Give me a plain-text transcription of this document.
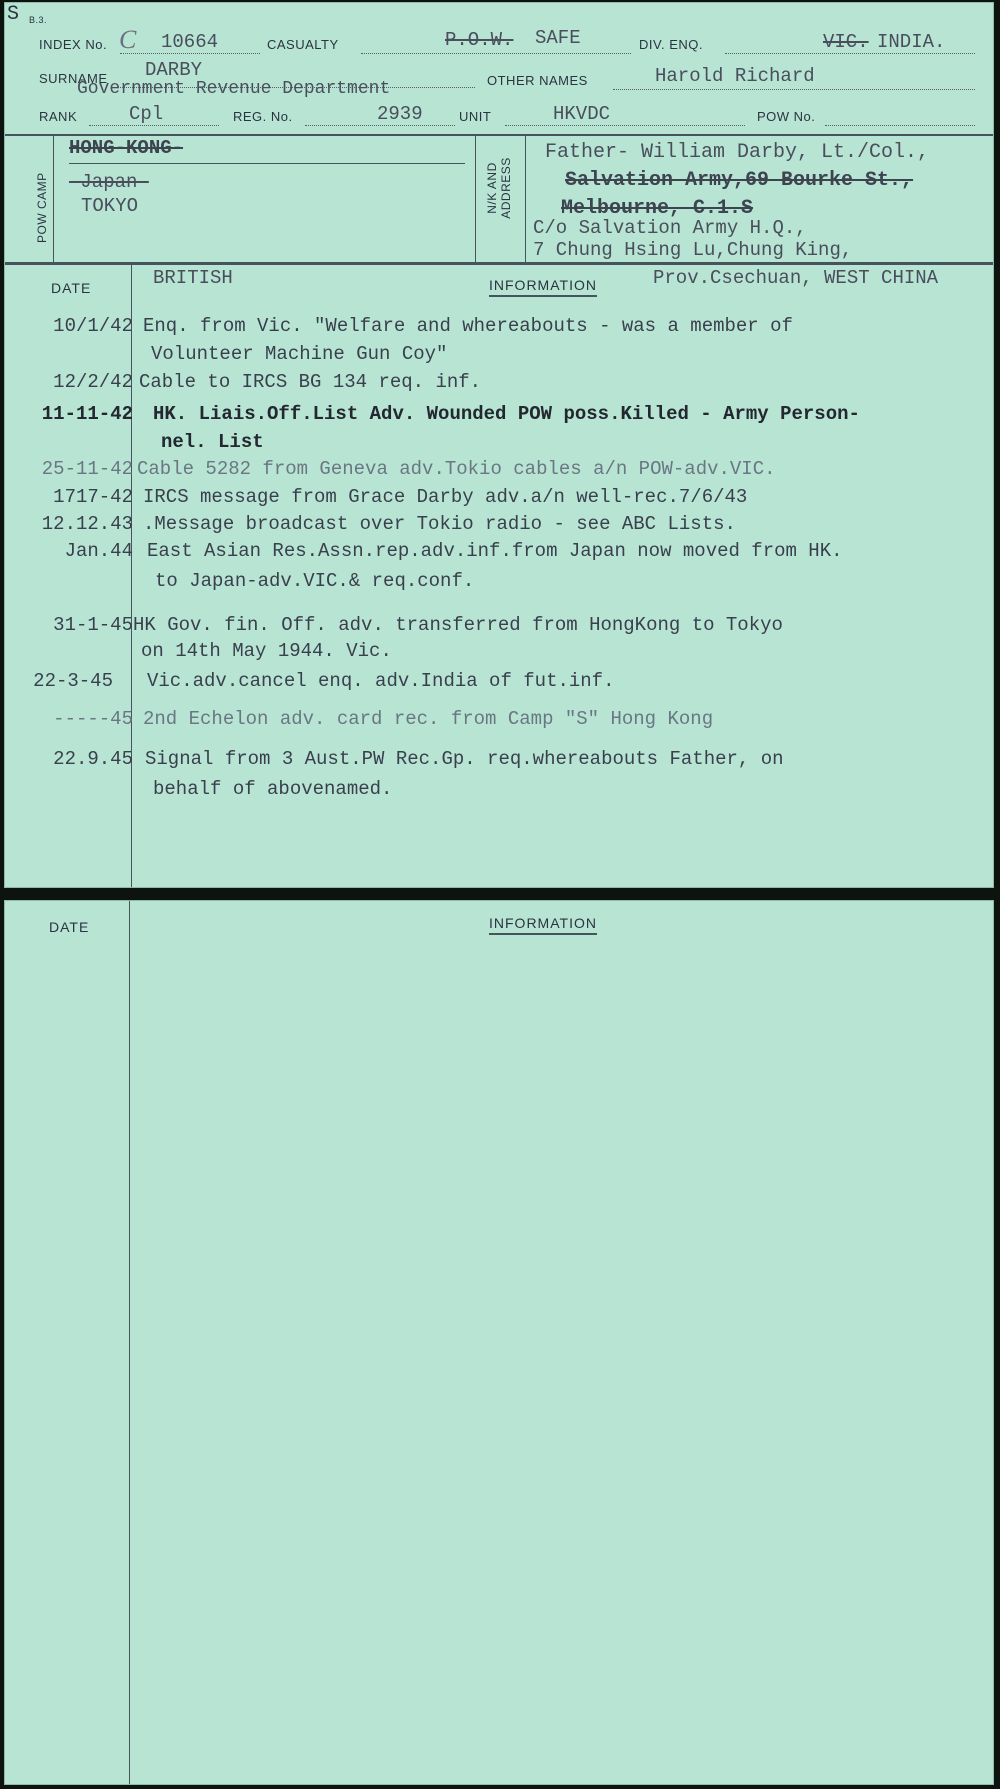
S B.3.
INDEX No. C 10664	CASUALTY	P.O.W. SAFE	DIV. ENQ.	VIC. INDIA.
SURNAME DARBY
Government Revenue Department	OTHER NAMES	Harold Richard
RANK	Cpl	REG. No.	2939	UNIT	HKVDC	POW No.
POW CAMP	N/K AND ADDRESS
HONG-KONG-
-Japan-
TOKYO
Father- William Darby, Lt./Col.,
Salvation Army,69 Bourke St.,
Melbourne, C.1.S
C/o Salvation Army H.Q.,
7 Chung Hsing Lu,Chung King,
Prov.Csechuan, WEST CHINA
DATE	BRITISH	INFORMATION
10/1/42 Enq. from Vic. "Welfare and whereabouts - was a member of
Volunteer Machine Gun Coy"
12/2/42 Cable to IRCS BG 134 req. inf.
11-11-42 HK. Liais.Off.List Adv. Wounded POW poss.Killed - Army Person-
nel. List
25-11-42 Cable 5282 from Geneva adv.Tokio cables a/n POW-adv.VIC.
1717-42 IRCS message from Grace Darby adv.a/n well-rec.7/6/43
12.12.43 .Message broadcast over Tokio radio - see ABC Lists.
Jan.44 East Asian Res.Assn.rep.adv.inf.from Japan now moved from HK.
to Japan-adv.VIC.& req.conf.
31-1-45 HK Gov. fin. Off. adv. transferred from HongKong to Tokyo
on 14th May 1944. Vic.
22-3-45 Vic.adv.cancel enq. adv.India of fut.inf.
-----45 2nd Echelon adv. card rec. from Camp "S" Hong Kong
22.9.45 Signal from 3 Aust.PW Rec.Gp. req.whereabouts Father, on
behalf of abovenamed.
DATE	INFORMATION
